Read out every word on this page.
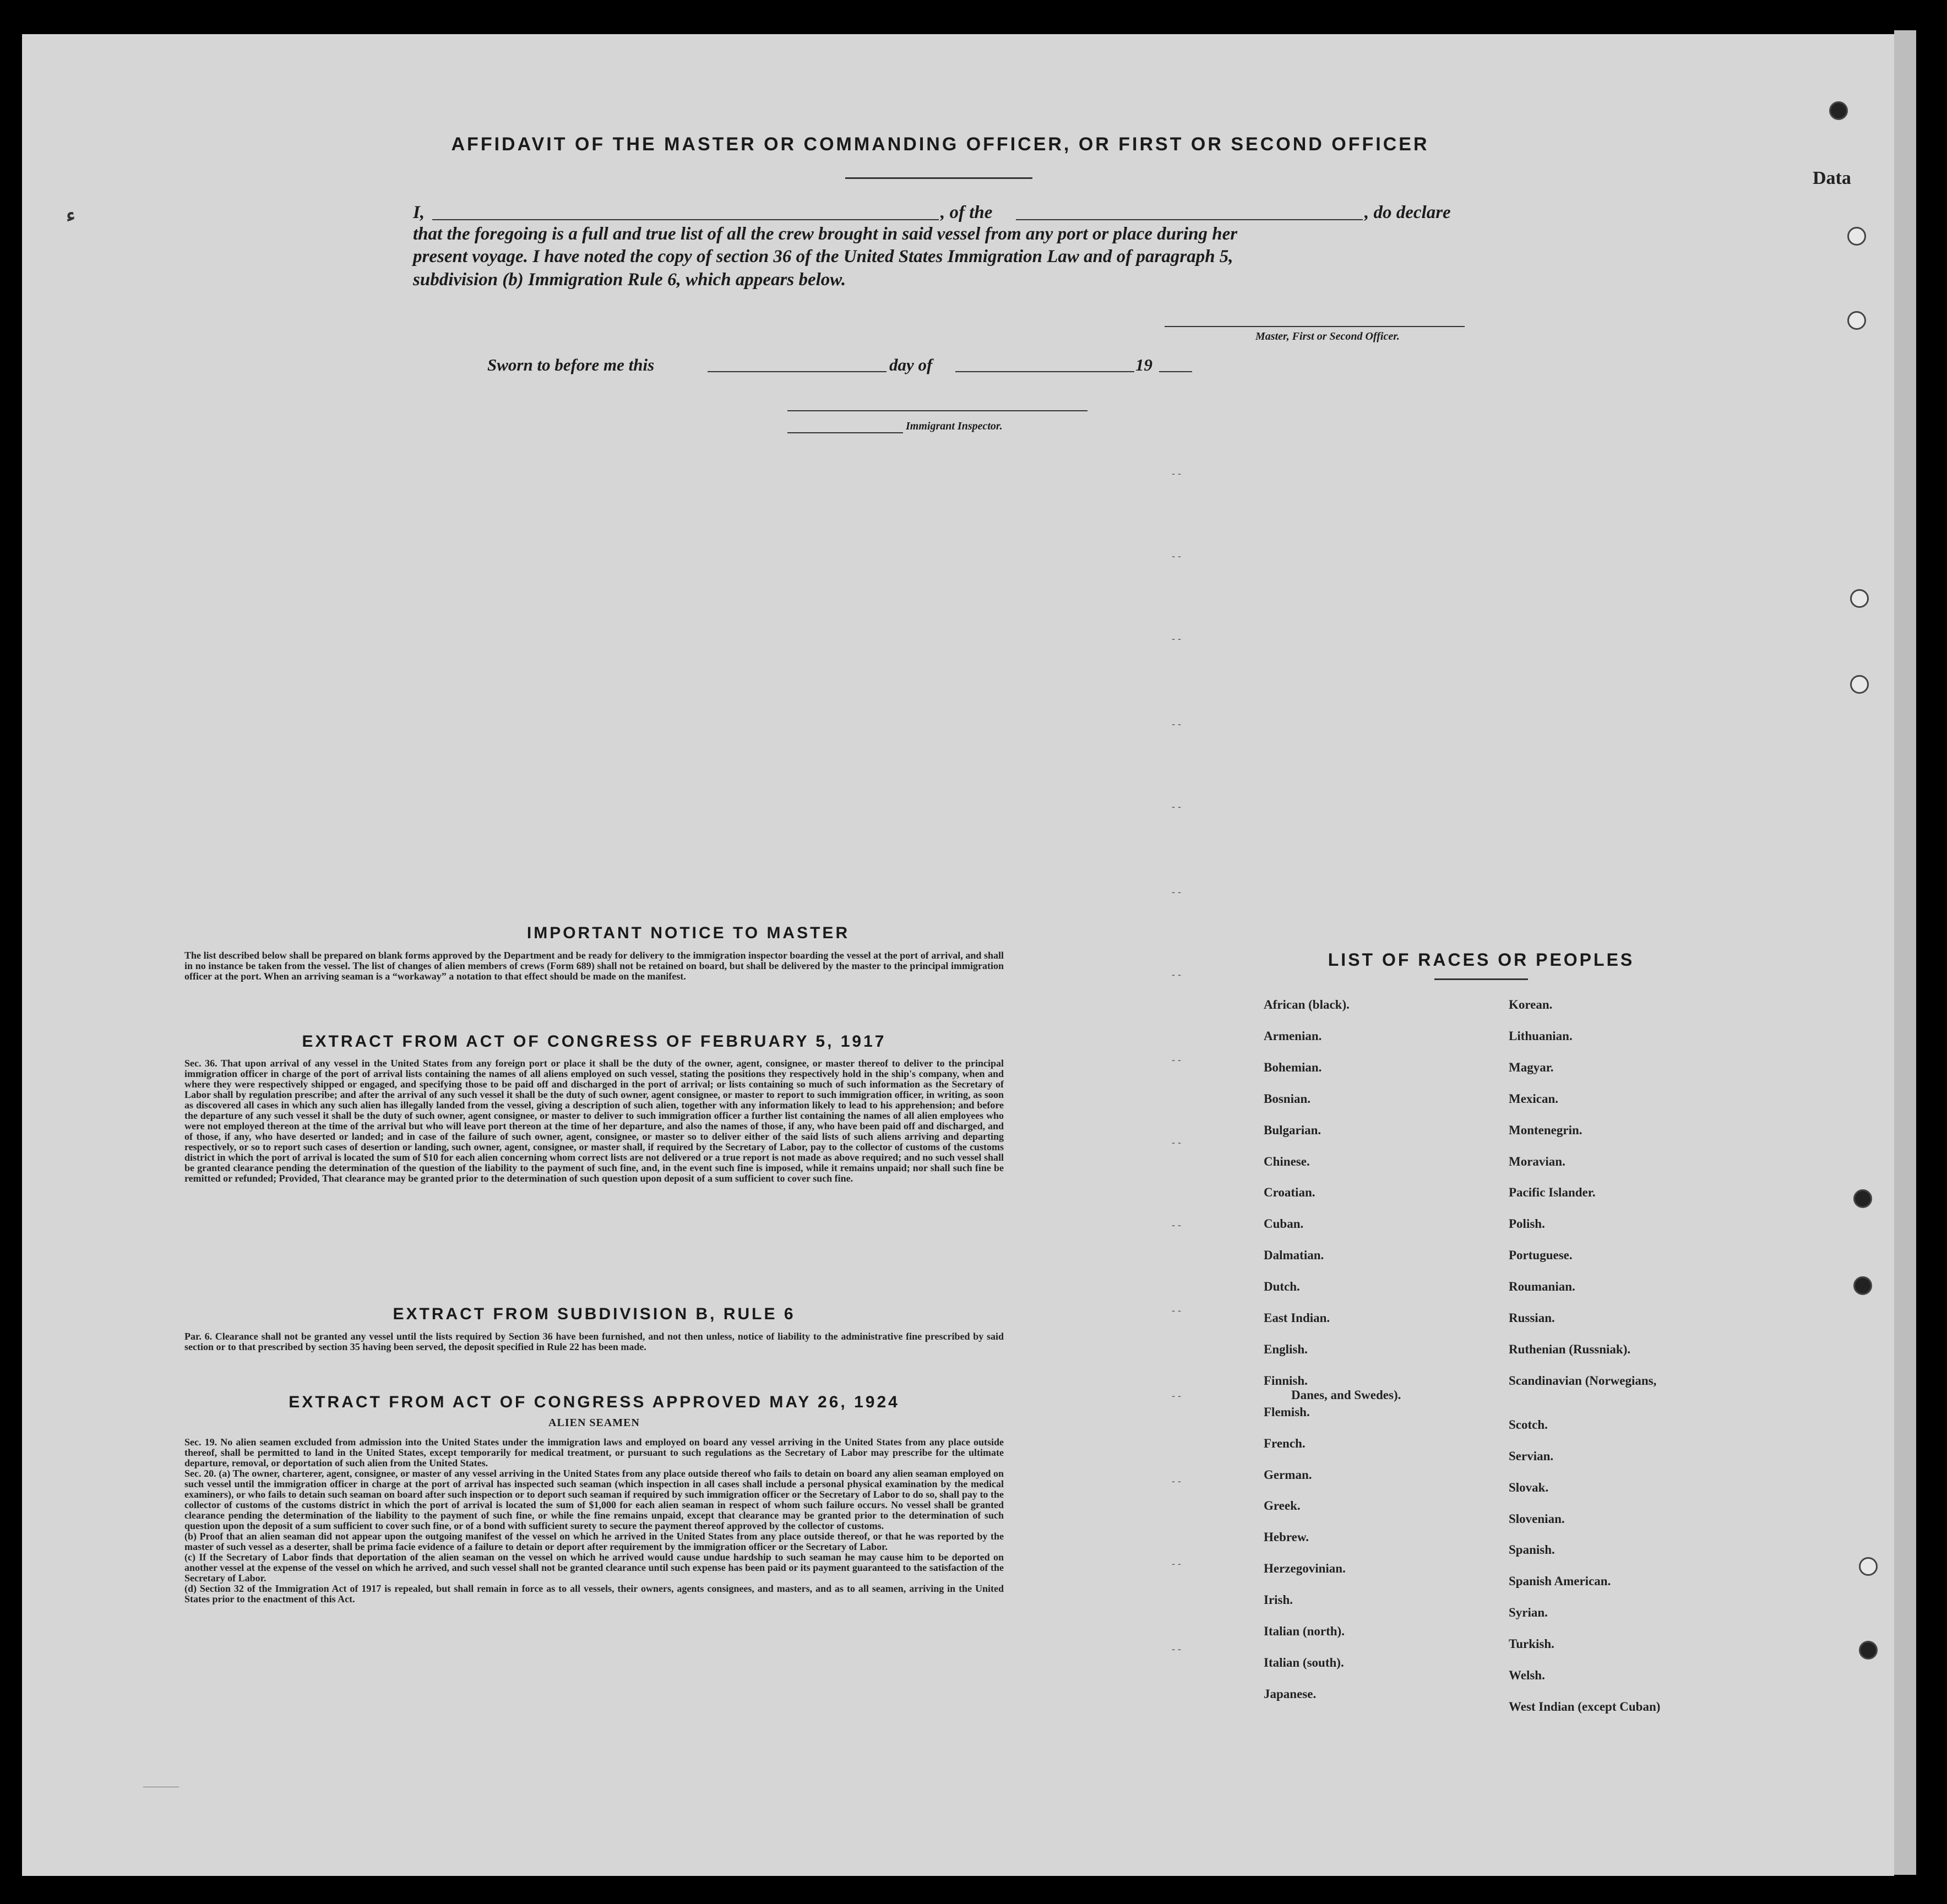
ﺀ
Data
- -
- -
- -
- -
- -
- -
- -
- -
- -
- -
- -
- -
- -
- -
- -
AFFIDAVIT OF THE MASTER OR COMMANDING OFFICER, OR FIRST OR SECOND OFFICER
I,	, of the	, do declare
that the foregoing is a full and true list of all the crew brought in said vessel from any port or place during her
present voyage. I have noted the copy of section 36 of the United States Immigration Law and of paragraph 5,
subdivision (b) Immigration Rule 6, which appears below.
Master, First or Second Officer.
Sworn to before me this	day of	19
Immigrant Inspector.
IMPORTANT NOTICE TO MASTER
The list described below shall be prepared on blank forms approved by the Department and be ready for delivery to the immigration inspector boarding the vessel at the port of arrival, and shall in no instance be taken from the vessel. The list of changes of alien members of crews (Form 689) shall not be retained on board, but shall be delivered by the master to the principal immigration officer at the port. When an arriving seaman is a “workaway” a notation to that effect should be made on the manifest.
EXTRACT FROM ACT OF CONGRESS OF FEBRUARY 5, 1917
Sec. 36. That upon arrival of any vessel in the United States from any foreign port or place it shall be the duty of the owner, agent, consignee, or master thereof to deliver to the principal immigration officer in charge of the port of arrival lists containing the names of all aliens employed on such vessel, stating the positions they respectively hold in the ship's company, when and where they were respectively shipped or engaged, and specifying those to be paid off and discharged in the port of arrival; or lists containing so much of such information as the Secretary of Labor shall by regulation prescribe; and after the arrival of any such vessel it shall be the duty of such owner, agent consignee, or master to report to such immigration officer, in writing, as soon as discovered all cases in which any such alien has illegally landed from the vessel, giving a description of such alien, together with any information likely to lead to his apprehension; and before the departure of any such vessel it shall be the duty of such owner, agent consignee, or master to deliver to such immigration officer a further list containing the names of all alien employees who were not employed thereon at the time of the arrival but who will leave port thereon at the time of her departure, and also the names of those, if any, who have been paid off and discharged, and of those, if any, who have deserted or landed; and in case of the failure of such owner, agent, consignee, or master so to deliver either of the said lists of such aliens arriving and departing respectively, or so to report such cases of desertion or landing, such owner, agent, consignee, or master shall, if required by the Secretary of Labor, pay to the collector of customs of the customs district in which the port of arrival is located the sum of $10 for each alien concerning whom correct lists are not delivered or a true report is not made as above required; and no such vessel shall be granted clearance pending the determination of the question of the liability to the payment of such fine, and, in the event such fine is imposed, while it remains unpaid; nor shall such fine be remitted or refunded; Provided, That clearance may be granted prior to the determination of such question upon deposit of a sum sufficient to cover such fine.
EXTRACT FROM SUBDIVISION B, RULE 6
Par. 6. Clearance shall not be granted any vessel until the lists required by Section 36 have been furnished, and not then unless, notice of liability to the administrative fine prescribed by said section or to that prescribed by section 35 having been served, the deposit specified in Rule 22 has been made.
EXTRACT FROM ACT OF CONGRESS APPROVED MAY 26, 1924
ALIEN SEAMEN
Sec. 19. No alien seamen excluded from admission into the United States under the immigration laws and employed on board any vessel arriving in the United States from any place outside thereof, shall be permitted to land in the United States, except temporarily for medical treatment, or pursuant to such regulations as the Secretary of Labor may prescribe for the ultimate departure, removal, or deportation of such alien from the United States.
Sec. 20. (a) The owner, charterer, agent, consignee, or master of any vessel arriving in the United States from any place outside thereof who fails to detain on board any alien seaman employed on such vessel until the immigration officer in charge at the port of arrival has inspected such seaman (which inspection in all cases shall include a personal physical examination by the medical examiners), or who fails to detain such seaman on board after such inspection or to deport such seaman if required by such immigration officer or the Secretary of Labor to do so, shall pay to the collector of customs of the customs district in which the port of arrival is located the sum of $1,000 for each alien seaman in respect of whom such failure occurs. No vessel shall be granted clearance pending the determination of the liability to the payment of such fine, or while the fine remains unpaid, except that clearance may be granted prior to the determination of such question upon the deposit of a sum sufficient to cover such fine, or of a bond with sufficient surety to secure the payment thereof approved by the collector of customs.
(b) Proof that an alien seaman did not appear upon the outgoing manifest of the vessel on which he arrived in the United States from any place outside thereof, or that he was reported by the master of such vessel as a deserter, shall be prima facie evidence of a failure to detain or deport after requirement by the immigration officer or the Secretary of Labor.
(c) If the Secretary of Labor finds that deportation of the alien seaman on the vessel on which he arrived would cause undue hardship to such seaman he may cause him to be deported on another vessel at the expense of the vessel on which he arrived, and such vessel shall not be granted clearance until such expense has been paid or its payment guaranteed to the satisfaction of the Secretary of Labor.
(d) Section 32 of the Immigration Act of 1917 is repealed, but shall remain in force as to all vessels, their owners, agents consignees, and masters, and as to all seamen, arriving in the United States prior to the enactment of this Act.
LIST OF RACES OR PEOPLES
African (black).
Armenian.
Bohemian.
Bosnian.
Bulgarian.
Chinese.
Croatian.
Cuban.
Dalmatian.
Dutch.
East Indian.
English.
Finnish.
Flemish.
French.
German.
Greek.
Hebrew.
Herzegovinian.
Irish.
Italian (north).
Italian (south).
Japanese.
Korean.
Lithuanian.
Magyar.
Mexican.
Montenegrin.
Moravian.
Pacific Islander.
Polish.
Portuguese.
Roumanian.
Russian.
Ruthenian (Russniak).
Scandinavian (Norwegians,
Danes, and Swedes).
Scotch.
Servian.
Slovak.
Slovenian.
Spanish.
Spanish American.
Syrian.
Turkish.
Welsh.
West Indian (except Cuban)
